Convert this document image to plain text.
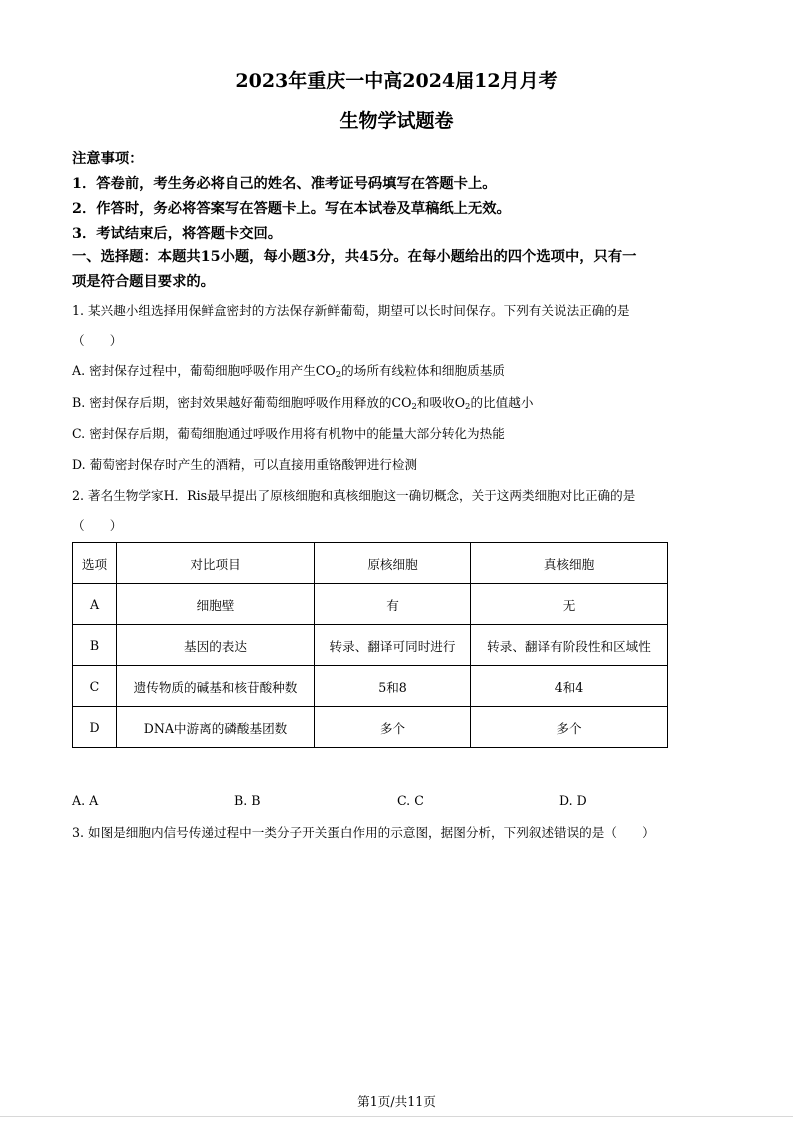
2023年重庆一中高2024届12月月考
生物学试题卷
注意事项：
1．答卷前，考生务必将自己的姓名、准考证号码填写在答题卡上。
2．作答时，务必将答案写在答题卡上。写在本试卷及草稿纸上无效。
3．考试结束后，将答题卡交回。
一、选择题：本题共15小题，每小题3分，共45分。在每小题给出的四个选项中，只有一
项是符合题目要求的。
1. 某兴趣小组选择用保鲜盒密封的方法保存新鲜葡萄，期望可以长时间保存。下列有关说法正确的是
（　　）
A. 密封保存过程中，葡萄细胞呼吸作用产生$CO_2$的场所有线粒体和细胞质基质
B. 密封保存后期，密封效果越好葡萄细胞呼吸作用释放的$CO_2$和吸收$O_2$的比值越小
C. 密封保存后期，葡萄细胞通过呼吸作用将有机物中的能量大部分转化为热能
D. 葡萄密封保存时产生的酒精，可以直接用重铬酸钾进行检测
2. 著名生物学家H．Ris最早提出了原核细胞和真核细胞这一确切概念，关于这两类细胞对比正确的是
（　　）
选项	对比项目	原核细胞	真核细胞
A	细胞壁	有	无
B	基因的表达	转录、翻译可同时进行	转录、翻译有阶段性和区域性
C	遗传物质的碱基和核苷酸种数	5和8	4和4
D	DNA中游离的磷酸基团数	多个	多个
A. A	B. B	C. C	D. D
3. 如图是细胞内信号传递过程中一类分子开关蛋白作用的示意图，据图分析，下列叙述错误的是（　　）
第1页/共11页
